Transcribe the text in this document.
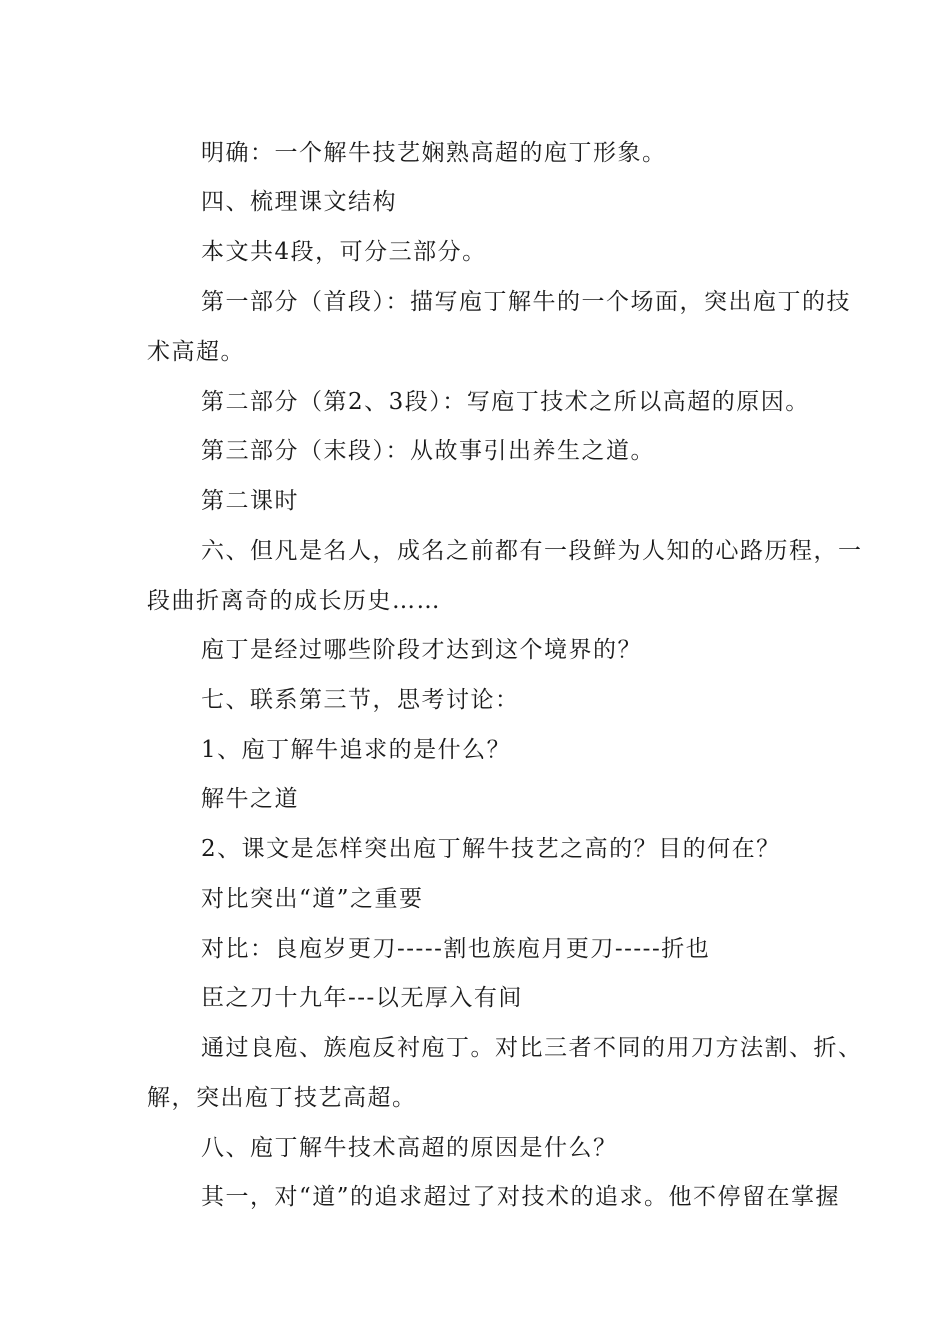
明确：一个解牛技艺娴熟高超的庖丁形象。
四、梳理课文结构
本文共4段，可分三部分。
第一部分（首段）：描写庖丁解牛的一个场面，突出庖丁的技
术高超。
第二部分（第2、3段）：写庖丁技术之所以高超的原因。
第三部分（末段）：从故事引出养生之道。
第二课时
六、但凡是名人，成名之前都有一段鲜为人知的心路历程，一
段曲折离奇的成长历史……
庖丁是经过哪些阶段才达到这个境界的？
七、联系第三节，思考讨论：
1、庖丁解牛追求的是什么？
解牛之道
2、课文是怎样突出庖丁解牛技艺之高的？目的何在？
对比突出“道”之重要
对比：良庖岁更刀-----割也族庖月更刀-----折也
臣之刀十九年---以无厚入有间
通过良庖、族庖反衬庖丁。对比三者不同的用刀方法割、折、
解，突出庖丁技艺高超。
八、庖丁解牛技术高超的原因是什么？
其一，对“道”的追求超过了对技术的追求。他不停留在掌握
